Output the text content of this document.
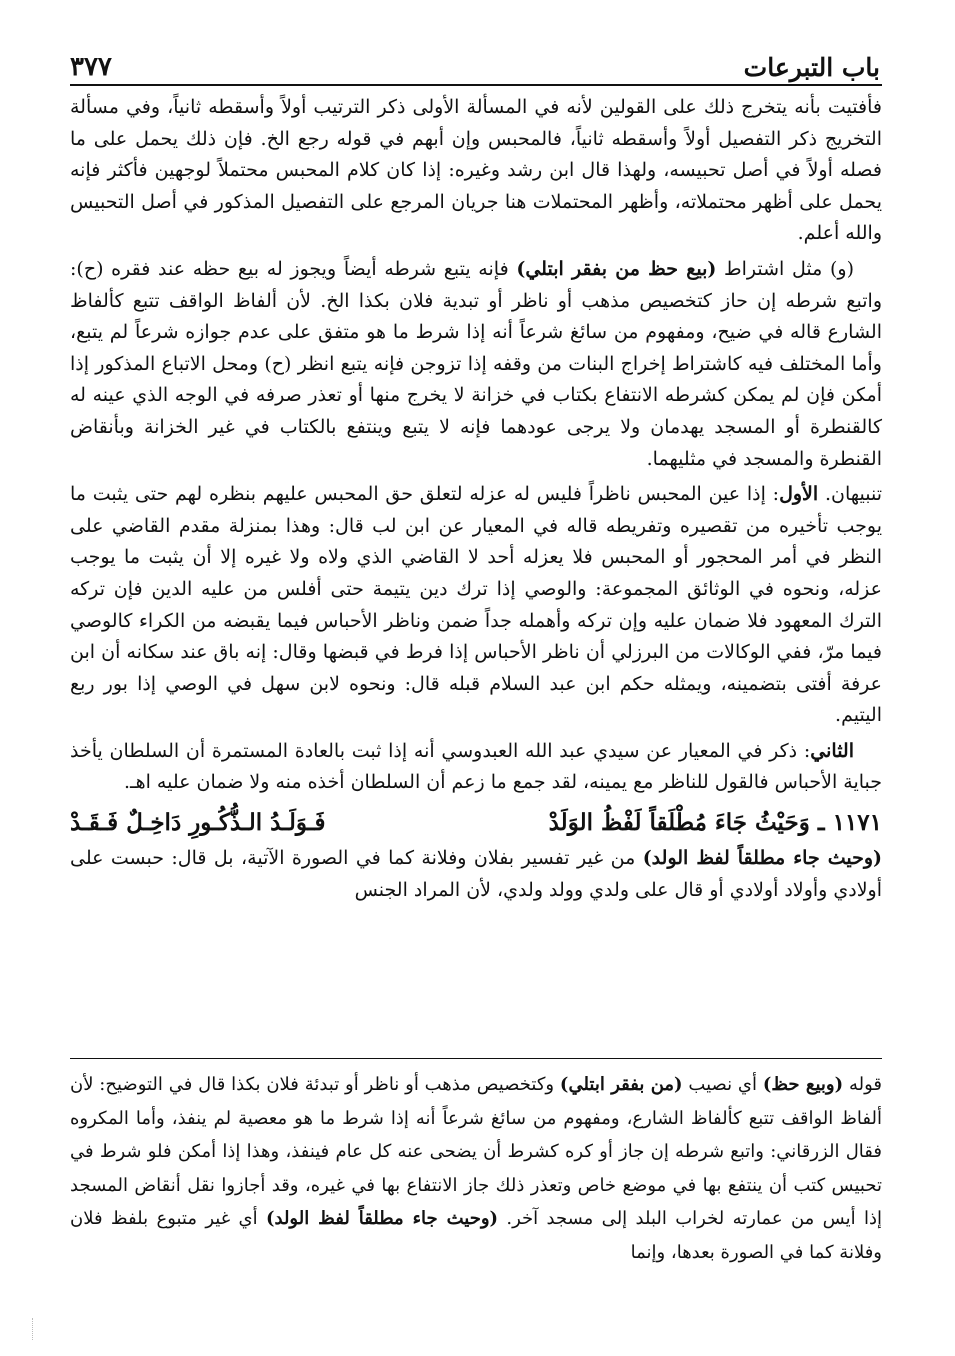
٣٧٧	باب التبرعات

فأفتيت بأنه يتخرج ذلك على القولين لأنه في المسألة الأولى ذكر الترتيب أولاً وأسقطه ثانياً، وفي مسألة التخريج ذكر التفصيل أولاً وأسقطه ثانياً، فالمحبس وإن أبهم في قوله رجع الخ. فإن ذلك يحمل على ما فصله أولاً في أصل تحبيسه، ولهذا قال ابن رشد وغيره: إذا كان كلام المحبس محتملاً لوجهين فأكثر فإنه يحمل على أظهر محتملاته، وأظهر المحتملات هنا جريان المرجع على التفصيل المذكور في أصل التحبيس والله أعلم.

(و) مثل اشتراط (بيع حظ من بفقر ابتلي) فإنه يتبع شرطه أيضاً ويجوز له بيع حظه عند فقره (ح): واتبع شرطه إن حاز كتخصيص مذهب أو ناظر أو تبدية فلان بكذا الخ. لأن ألفاظ الواقف تتبع كألفاظ الشارع قاله في ضيح، ومفهوم من سائغ شرعاً أنه إذا شرط ما هو متفق على عدم جوازه شرعاً لم يتبع، وأما المختلف فيه كاشتراط إخراج البنات من وقفه إذا تزوجن فإنه يتبع انظر (ح) ومحل الاتباع المذكور إذا أمكن فإن لم يمكن كشرطه الانتفاع بكتاب في خزانة لا يخرج منها أو تعذر صرفه في الوجه الذي عينه له كالقنطرة أو المسجد يهدمان ولا يرجى عودهما فإنه لا يتبع وينتفع بالكتاب في غير الخزانة وبأنقاض القنطرة والمسجد في مثليهما.

تنبيهان. الأول: إذا عين المحبس ناظراً فليس له عزله لتعلق حق المحبس عليهم بنظره لهم حتى يثبت ما يوجب تأخيره من تقصيره وتفريطه قاله في المعيار عن ابن لب قال: وهذا بمنزلة مقدم القاضي على النظر في أمر المحجور أو المحبس فلا يعزله أحد لا القاضي الذي ولاه ولا غيره إلا أن يثبت ما يوجب عزله، ونحوه في الوثائق المجموعة: والوصي إذا ترك دين يتيمة حتى أفلس من عليه الدين فإن تركه الترك المعهود فلا ضمان عليه وإن تركه وأهمله جداً ضمن وناظر الأحباس فيما يقبضه من الكراء كالوصي فيما مرّ، ففي الوكالات من البرزلي أن ناظر الأحباس إذا فرط في قبضها وقال: إنه باق عند سكانه أن ابن عرفة أفتى بتضمينه، ويمثله حكم ابن عبد السلام قبله قال: ونحوه لابن سهل في الوصي إذا بور ربع اليتيم.

الثاني: ذكر في المعيار عن سيدي عبد الله العبدوسي أنه إذا ثبت بالعادة المستمرة أن السلطان يأخذ جباية الأحباس فالقول للناظر مع يمينه، لقد جمع ما زعم أن السلطان أخذه منه ولا ضمان عليه اهـ.

١١٧١ ـ وَحَيْثُ جَاءَ مُطْلَقاً لَفْظُ الوَلَدْ
فَـوَلَـدُ الـذُّكُـورِ دَاخِـلٌ فَـقَـدْ

(وحيث جاء مطلقاً لفظ الولد) من غير تفسير بفلان وفلانة كما في الصورة الآتية، بل قال: حبست على أولادي وأولاد أولادي أو قال على ولدي وولد ولدي، لأن المراد الجنس

قوله (وبيع حظ) أي نصيب (من بفقر ابتلي) وكتخصيص مذهب أو ناظر أو تبدئة فلان بكذا قال في التوضيح: لأن ألفاظ الواقف تتبع كألفاظ الشارع، ومفهوم من سائغ شرعاً أنه إذا شرط ما هو معصية لم ينفذ، وأما المكروه فقال الزرقاني: واتبع شرطه إن جاز أو كره كشرط أن يضحى عنه كل عام فينفذ، وهذا إذا أمكن فلو شرط في تحبيس كتب أن ينتفع بها في موضع خاص وتعذر ذلك جاز الانتفاع بها في غيره، وقد أجازوا نقل أنقاض المسجد إذا أيس من عمارته لخراب البلد إلى مسجد آخر. (وحيث جاء مطلقاً لفظ الولد) أي غير متبوع بلفظ فلان وفلانة كما في الصورة بعدها، وإنما
